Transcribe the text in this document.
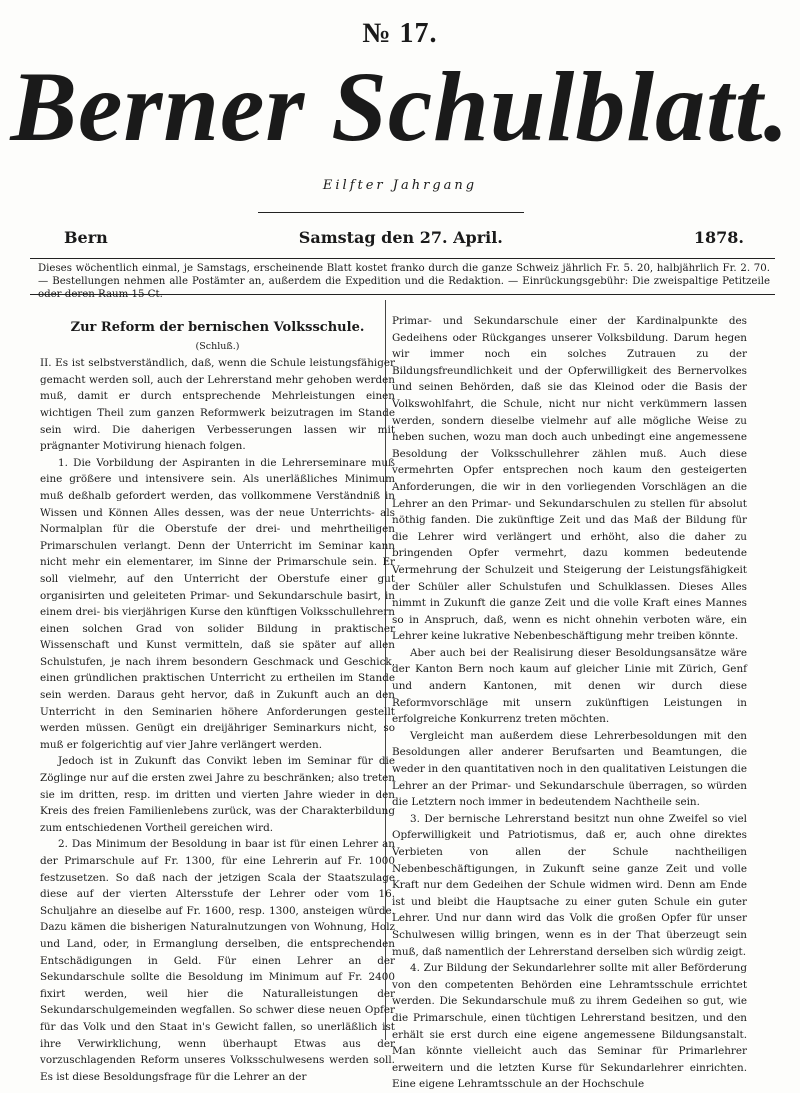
№ 17.
Berner Schulblatt.
Eilfter Jahrgang
Bern	Samstag den 27. April.	1878.
Dieses wöchentlich einmal, je Samstags, erscheinende Blatt kostet franko durch die ganze Schweiz jährlich Fr. 5. 20, halbjährlich Fr. 2. 70. — Bestellungen nehmen alle Postämter an, außerdem die Expedition und die Redaktion. — Einrückungsgebühr: Die zweispaltige Petitzeile oder deren Raum 15 Ct.
Zur Reform der bernischen Volksschule.
(Schluß.)

II. Es ist selbstverständlich, daß, wenn die Schule leistungsfähiger gemacht werden soll, auch der Lehrerstand mehr gehoben werden muß, damit er durch entsprechende Mehrleistungen einen wichtigen Theil zum ganzen Reformwerk beizutragen im Stande sein wird. Die daherigen Verbesserungen lassen wir mit prägnanter Motivirung hienach folgen.

1. Die Vorbildung der Aspiranten in die Lehrerseminare muß eine größere und intensivere sein. Als unerläßliches Minimum muß deßhalb gefordert werden, das vollkommene Verständniß in Wissen und Können Alles dessen, was der neue Unterrichts- als Normalplan für die Oberstufe der drei- und mehrtheiligen Primarschulen verlangt. Denn der Unterricht im Seminar kann nicht mehr ein elementarer, im Sinne der Primarschule sein. Er soll vielmehr, auf den Unterricht der Oberstufe einer gut organisirten und geleiteten Primar- und Sekundarschule basirt, in einem drei- bis vierjährigen Kurse den künftigen Volksschullehrern einen solchen Grad von solider Bildung in praktischer Wissenschaft und Kunst vermitteln, daß sie später auf allen Schulstufen, je nach ihrem besondern Geschmack und Geschick, einen gründlichen praktischen Unterricht zu ertheilen im Stande sein werden. Daraus geht hervor, daß in Zukunft auch an den Unterricht in den Seminarien höhere Anforderungen gestellt werden müssen. Genügt ein dreijähriger Seminarkurs nicht, so muß er folgerichtig auf vier Jahre verlängert werden.

Jedoch ist in Zukunft das Convikt leben im Seminar für die Zöglinge nur auf die ersten zwei Jahre zu beschränken; also treten sie im dritten, resp. im dritten und vierten Jahre wieder in den Kreis des freien Familienlebens zurück, was der Charakterbildung zum entschiedenen Vortheil gereichen wird.

2. Das Minimum der Besoldung in baar ist für einen Lehrer an der Primarschule auf Fr. 1300, für eine Lehrerin auf Fr. 1000 festzusetzen. So daß nach der jetzigen Scala der Staatszulage diese auf der vierten Altersstufe der Lehrer oder vom 16. Schuljahre an dieselbe auf Fr. 1600, resp. 1300, ansteigen würde. Dazu kämen die bisherigen Naturalnutzungen von Wohnung, Holz und Land, oder, in Ermanglung derselben, die entsprechenden Entschädigungen in Geld. Für einen Lehrer an der Sekundarschule sollte die Besoldung im Minimum auf Fr. 2400 fixirt werden, weil hier die Naturalleistungen der Sekundarschulgemeinden wegfallen. So schwer diese neuen Opfer für das Volk und den Staat in's Gewicht fallen, so unerläßlich ist ihre Verwirklichung, wenn überhaupt Etwas aus der vorzuschlagenden Reform unseres Volksschulwesens werden soll. Es ist diese Besoldungsfrage für die Lehrer an der

Primar- und Sekundarschule einer der Kardinalpunkte des Gedeihens oder Rückganges unserer Volksbildung. Darum hegen wir immer noch ein solches Zutrauen zu der Bildungsfreundlichkeit und der Opferwilligkeit des Bernervolkes und seinen Behörden, daß sie das Kleinod oder die Basis der Volkswohlfahrt, die Schule, nicht nur nicht verkümmern lassen werden, sondern dieselbe vielmehr auf alle mögliche Weise zu heben suchen, wozu man doch auch unbedingt eine angemessene Besoldung der Volksschullehrer zählen muß. Auch diese vermehrten Opfer entsprechen noch kaum den gesteigerten Anforderungen, die wir in den vorliegenden Vorschlägen an die Lehrer an den Primar- und Sekundarschulen zu stellen für absolut nöthig fanden. Die zukünftige Zeit und das Maß der Bildung für die Lehrer wird verlängert und erhöht, also die daher zu bringenden Opfer vermehrt, dazu kommen bedeutende Vermehrung der Schulzeit und Steigerung der Leistungsfähigkeit der Schüler aller Schulstufen und Schulklassen. Dieses Alles nimmt in Zukunft die ganze Zeit und die volle Kraft eines Mannes so in Anspruch, daß, wenn es nicht ohnehin verboten wäre, ein Lehrer keine lukrative Nebenbeschäftigung mehr treiben könnte.

Aber auch bei der Realisirung dieser Besoldungsansätze wäre der Kanton Bern noch kaum auf gleicher Linie mit Zürich, Genf und andern Kantonen, mit denen wir durch diese Reformvorschläge mit unsern zukünftigen Leistungen in erfolgreiche Konkurrenz treten möchten.

Vergleicht man außerdem diese Lehrerbesoldungen mit den Besoldungen aller anderer Berufsarten und Beamtungen, die weder in den quantitativen noch in den qualitativen Leistungen die Lehrer an der Primar- und Sekundarschule überragen, so würden die Letztern noch immer in bedeutendem Nachtheile sein.

3. Der bernische Lehrerstand besitzt nun ohne Zweifel so viel Opferwilligkeit und Patriotismus, daß er, auch ohne direktes Verbieten von allen der Schule nachtheiligen Nebenbeschäftigungen, in Zukunft seine ganze Zeit und volle Kraft nur dem Gedeihen der Schule widmen wird. Denn am Ende ist und bleibt die Hauptsache zu einer guten Schule ein guter Lehrer. Und nur dann wird das Volk die großen Opfer für unser Schulwesen willig bringen, wenn es in der That überzeugt sein muß, daß namentlich der Lehrerstand derselben sich würdig zeigt.

4. Zur Bildung der Sekundarlehrer sollte mit aller Beförderung von den competenten Behörden eine Lehramtsschule errichtet werden. Die Sekundarschule muß zu ihrem Gedeihen so gut, wie die Primarschule, einen tüchtigen Lehrerstand besitzen, und den erhält sie erst durch eine eigene angemessene Bildungsanstalt. Man könnte vielleicht auch das Seminar für Primarlehrer erweitern und die letzten Kurse für Sekundarlehrer einrichten. Eine eigene Lehramtsschule an der Hochschule
